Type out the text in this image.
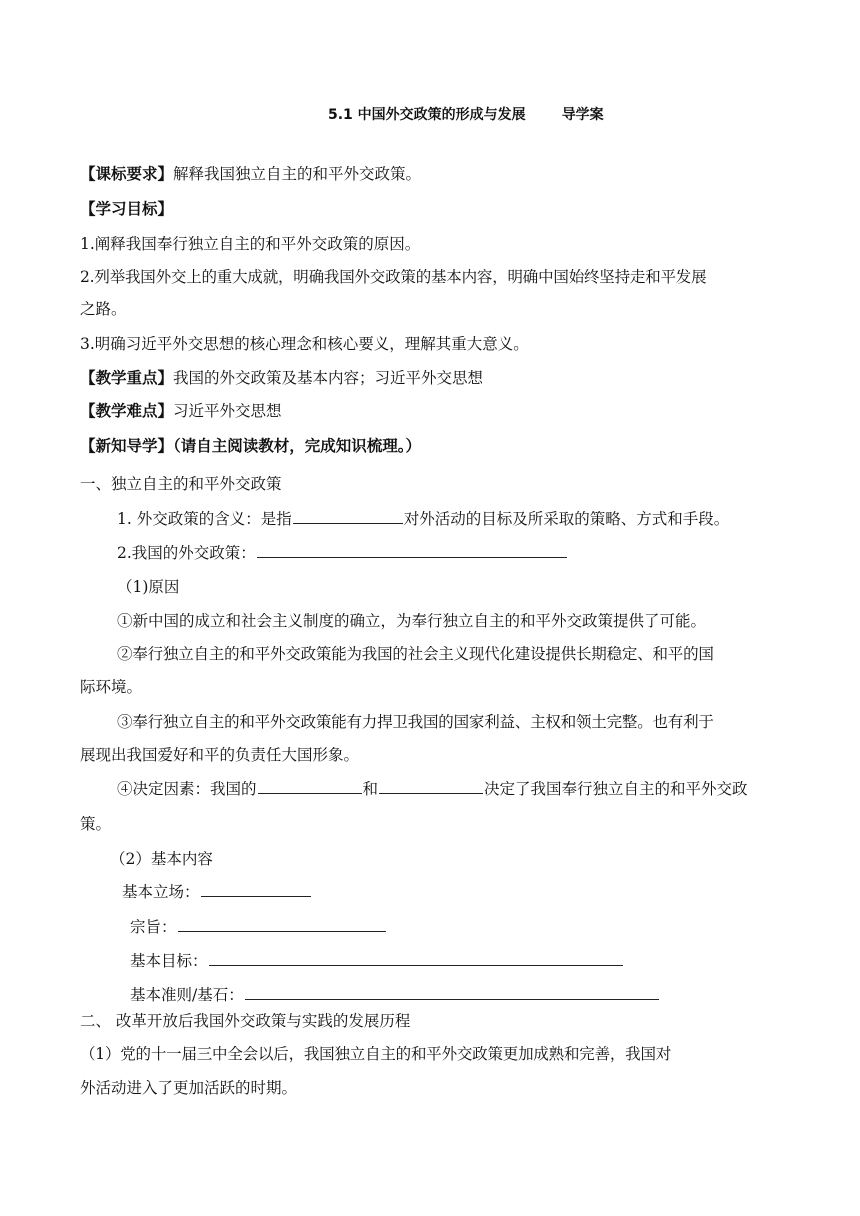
5.1 中国外交政策的形成与发展	导学案
【课标要求】解释我国独立自主的和平外交政策。
【学习目标】
1.阐释我国奉行独立自主的和平外交政策的原因。
2.列举我国外交上的重大成就，明确我国外交政策的基本内容，明确中国始终坚持走和平发展
之路。
3.明确习近平外交思想的核心理念和核心要义，理解其重大意义。
【教学重点】我国的外交政策及基本内容；习近平外交思想
【教学难点】习近平外交思想
【新知导学】（请自主阅读教材，完成知识梳理。）
一、独立自主的和平外交政策
1. 外交政策的含义：是指	对外活动的目标及所采取的策略、方式和手段。
2.我国的外交政策：
（1)原因
①新中国的成立和社会主义制度的确立，为奉行独立自主的和平外交政策提供了可能。
②奉行独立自主的和平外交政策能为我国的社会主义现代化建设提供长期稳定、和平的国
际环境。
③奉行独立自主的和平外交政策能有力捍卫我国的国家利益、主权和领土完整。也有利于
展现出我国爱好和平的负责任大国形象。
④决定因素：我国的	和	决定了我国奉行独立自主的和平外交政
策。
（2）基本内容
基本立场：
宗旨：
基本目标：
基本准则/基石：
二、 改革开放后我国外交政策与实践的发展历程
（1）党的十一届三中全会以后，我国独立自主的和平外交政策更加成熟和完善，我国对
外活动进入了更加活跃的时期。
